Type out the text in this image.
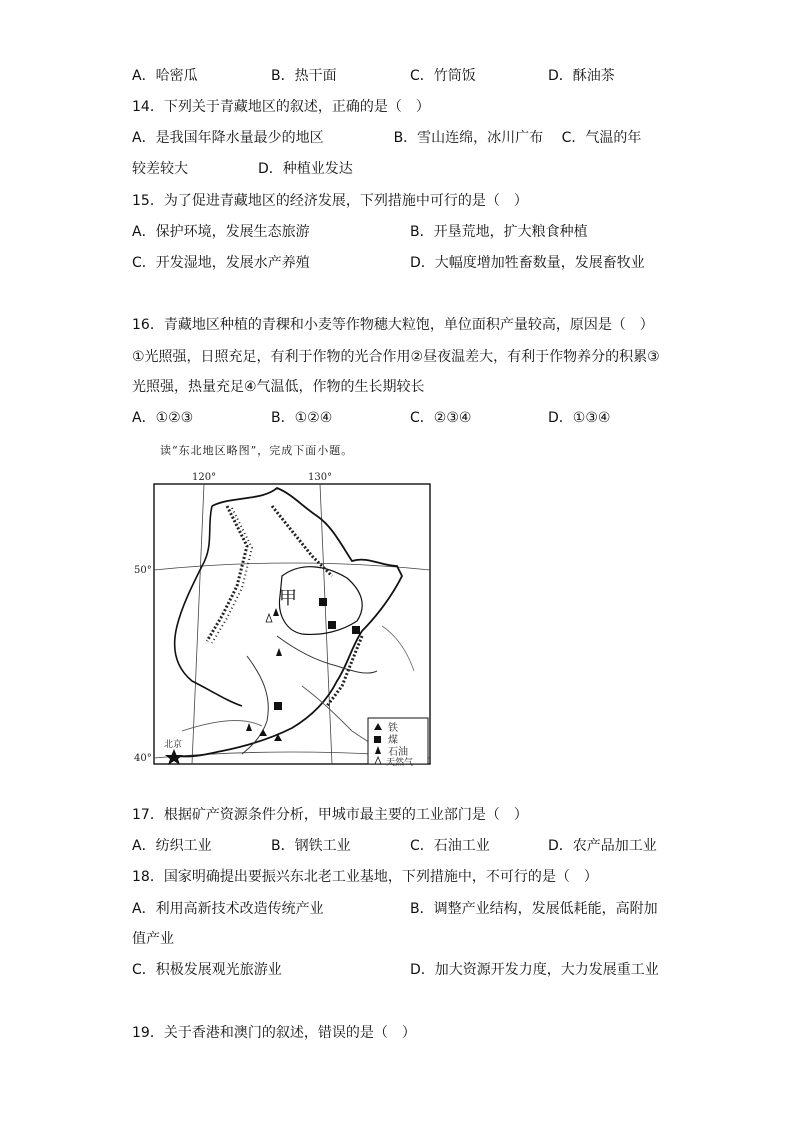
A．哈密瓜	B．热干面	C．竹筒饭	D．酥油茶
14．下列关于青藏地区的叙述，正确的是（　）
A．是我国年降水量最少的地区　　　　　B．雪山连绵，冰川广布　 C．气温的年
较差较大　　　　　D．种植业发达
15．为了促进青藏地区的经济发展，下列措施中可行的是（　）
A．保护环境，发展生态旅游	B．开垦荒地，扩大粮食种植
C．开发湿地，发展水产养殖	D．大幅度增加牲畜数量，发展畜牧业
16．青藏地区种植的青稞和小麦等作物穗大粒饱，单位面积产量较高，原因是（　）
①光照强，日照充足，有利于作物的光合作用②昼夜温差大，有利于作物养分的积累③
光照强，热量充足④气温低，作物的生长期较长
A．①②③	B．①②④	C．②③④	D．①③④
读“东北地区略图”，完成下面小题。
120°	130°
50°
40°
甲
北京
铁
煤
石油
天然气
17．根据矿产资源条件分析，甲城市最主要的工业部门是（　）
A．纺织工业	B．钢铁工业	C．石油工业	D．农产品加工业
18．国家明确提出要振兴东北老工业基地，下列措施中，不可行的是（　）
A．利用高新技术改造传统产业	B．调整产业结构，发展低耗能，高附加
值产业
C．积极发展观光旅游业	D．加大资源开发力度，大力发展重工业
19．关于香港和澳门的叙述，错误的是（　）
